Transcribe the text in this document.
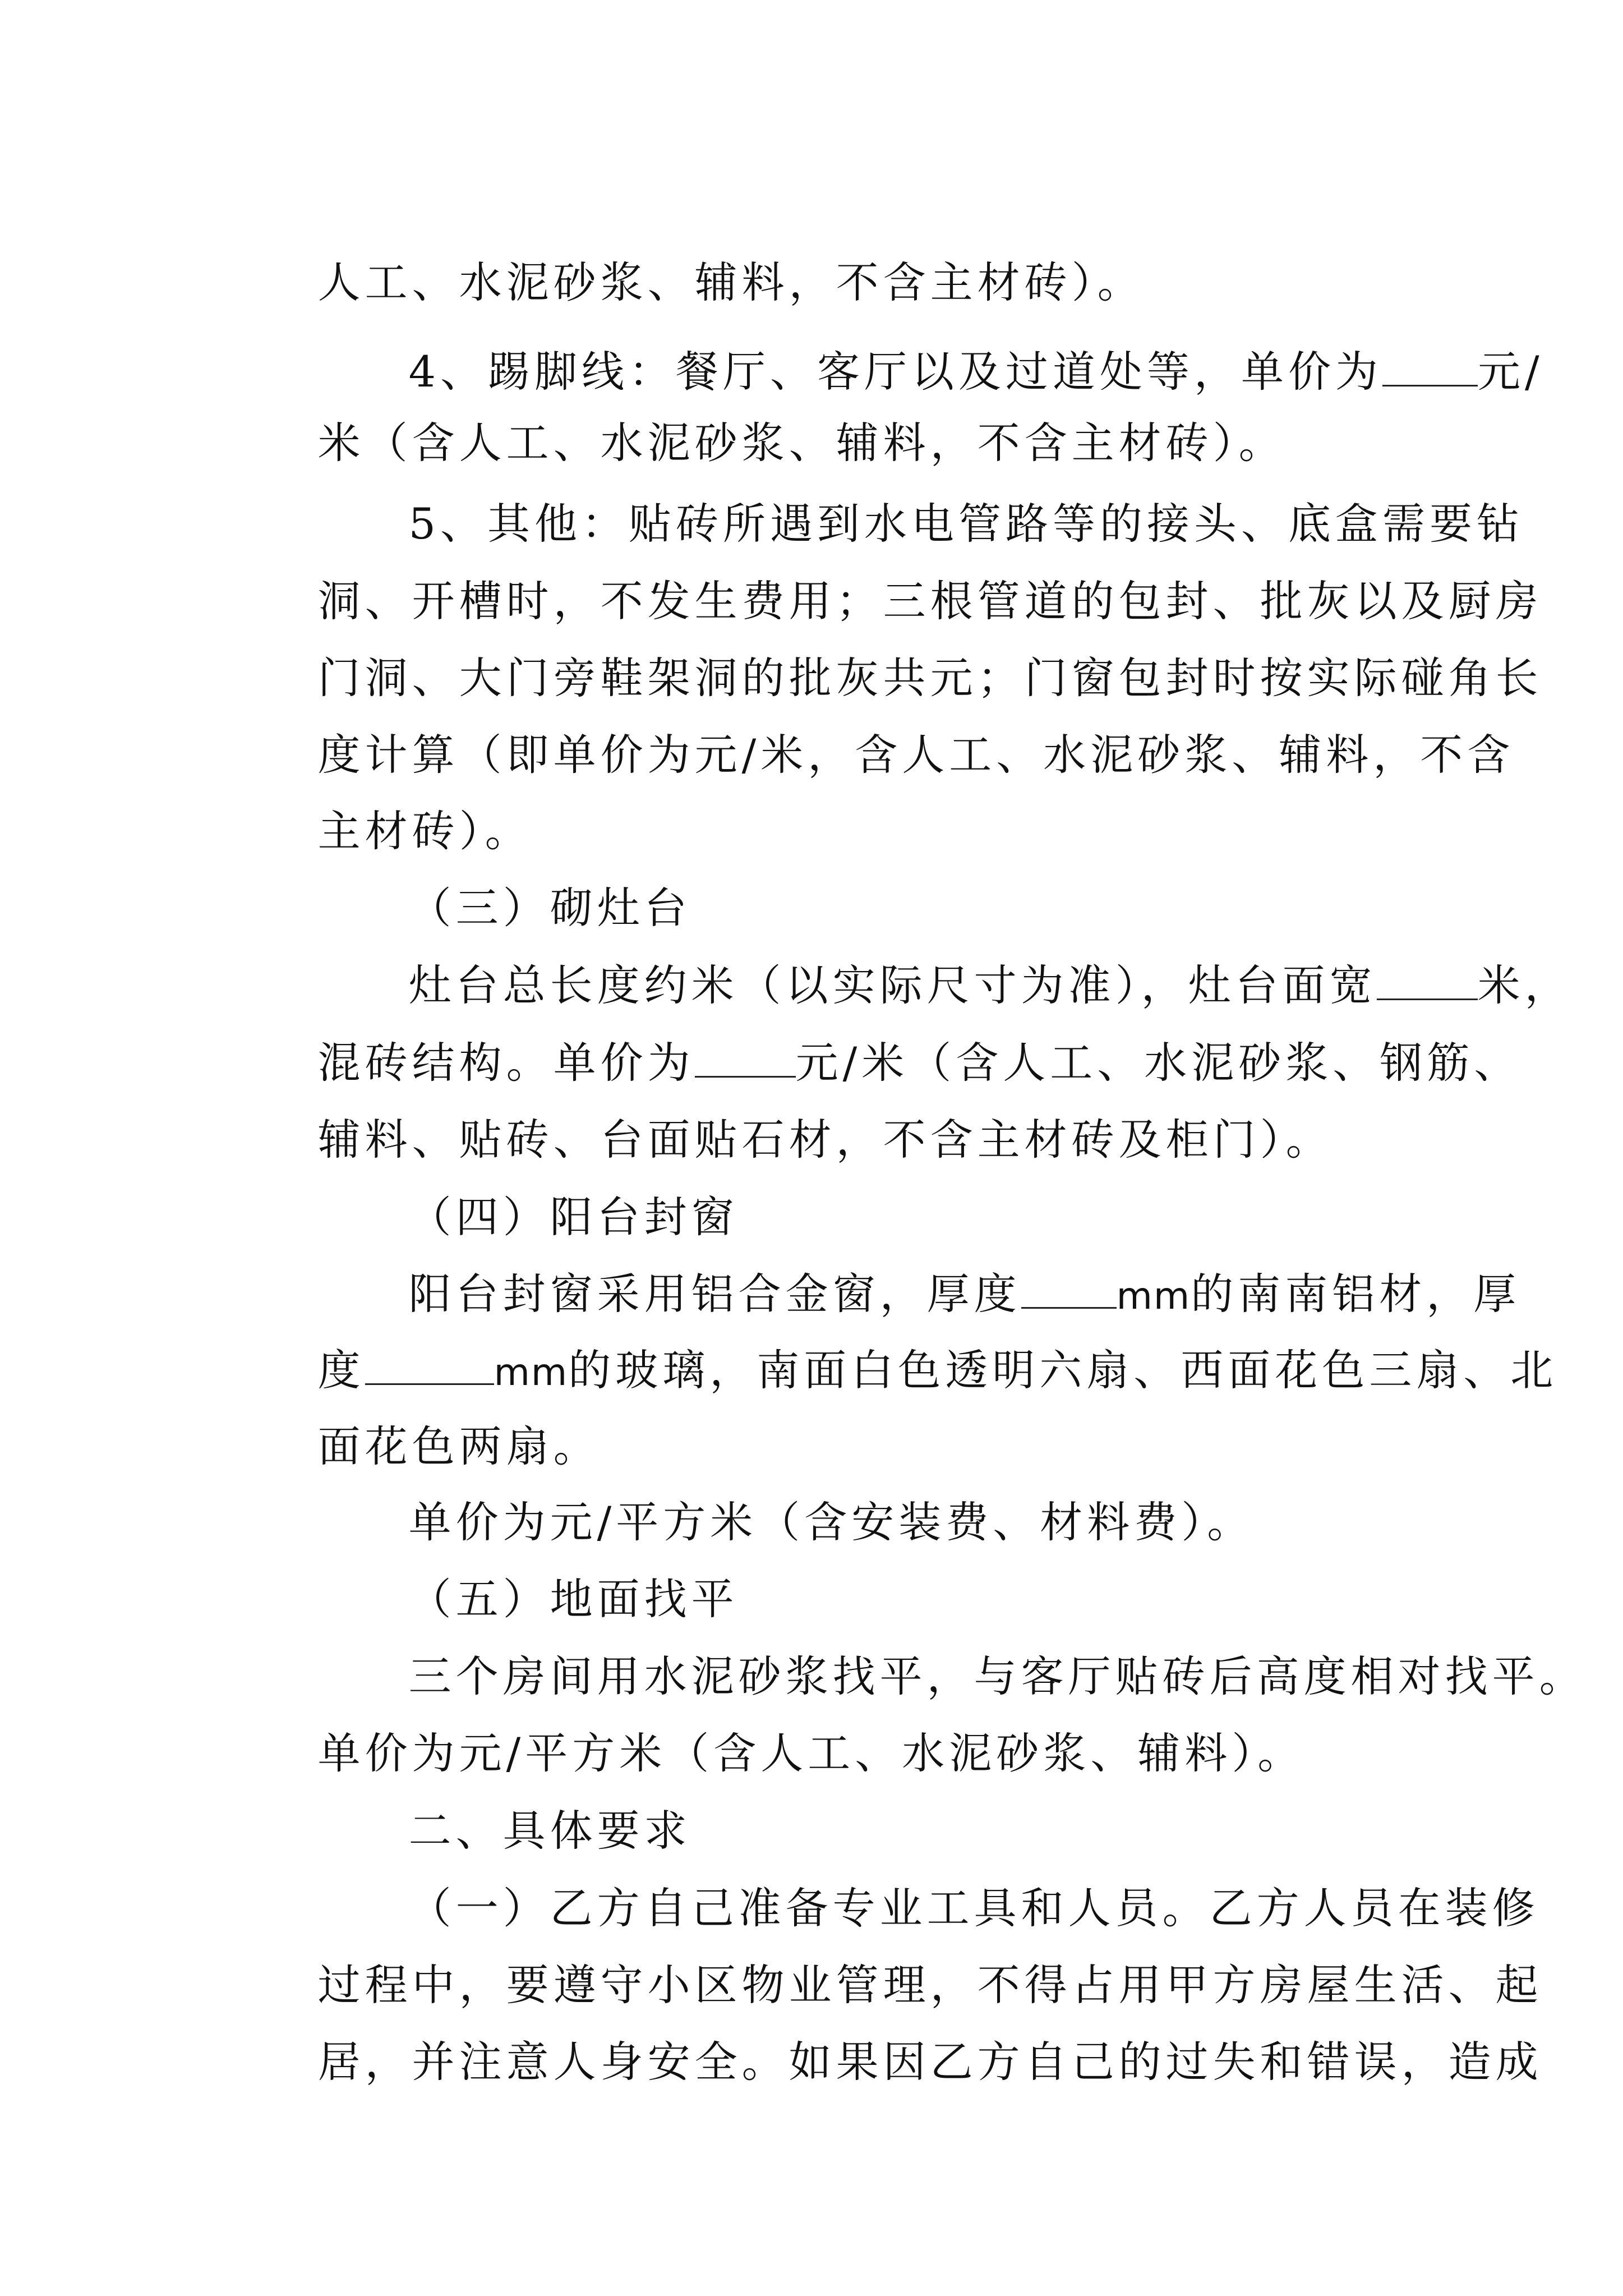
人工、水泥砂浆、辅料，不含主材砖）。

4、踢脚线：餐厅、客厅以及过道处等，单价为 元/

米（含人工、水泥砂浆、辅料，不含主材砖）。

5、其他：贴砖所遇到水电管路等的接头、底盒需要钻

洞、开槽时，不发生费用；三根管道的包封、批灰以及厨房

门洞、大门旁鞋架洞的批灰共元；门窗包封时按实际碰角长

度计算（即单价为元/米，含人工、水泥砂浆、辅料，不含

主材砖）。

（三）砌灶台

灶台总长度约米（以实际尺寸为准），灶台面宽 米，

混砖结构。单价为 元/米（含人工、水泥砂浆、钢筋、

辅料、贴砖、台面贴石材，不含主材砖及柜门）。

（四）阳台封窗

阳台封窗采用铝合金窗，厚度	mm的南南铝材，厚

度	mm的玻璃，南面白色透明六扇、西面花色三扇、北

面花色两扇。

单价为元/平方米（含安装费、材料费）。

（五）地面找平

三个房间用水泥砂浆找平，与客厅贴砖后高度相对找平。

单价为元/平方米（含人工、水泥砂浆、辅料）。

二、具体要求

（一）乙方自己准备专业工具和人员。乙方人员在装修

过程中，要遵守小区物业管理，不得占用甲方房屋生活、起

居，并注意人身安全。如果因乙方自己的过失和错误，造成
